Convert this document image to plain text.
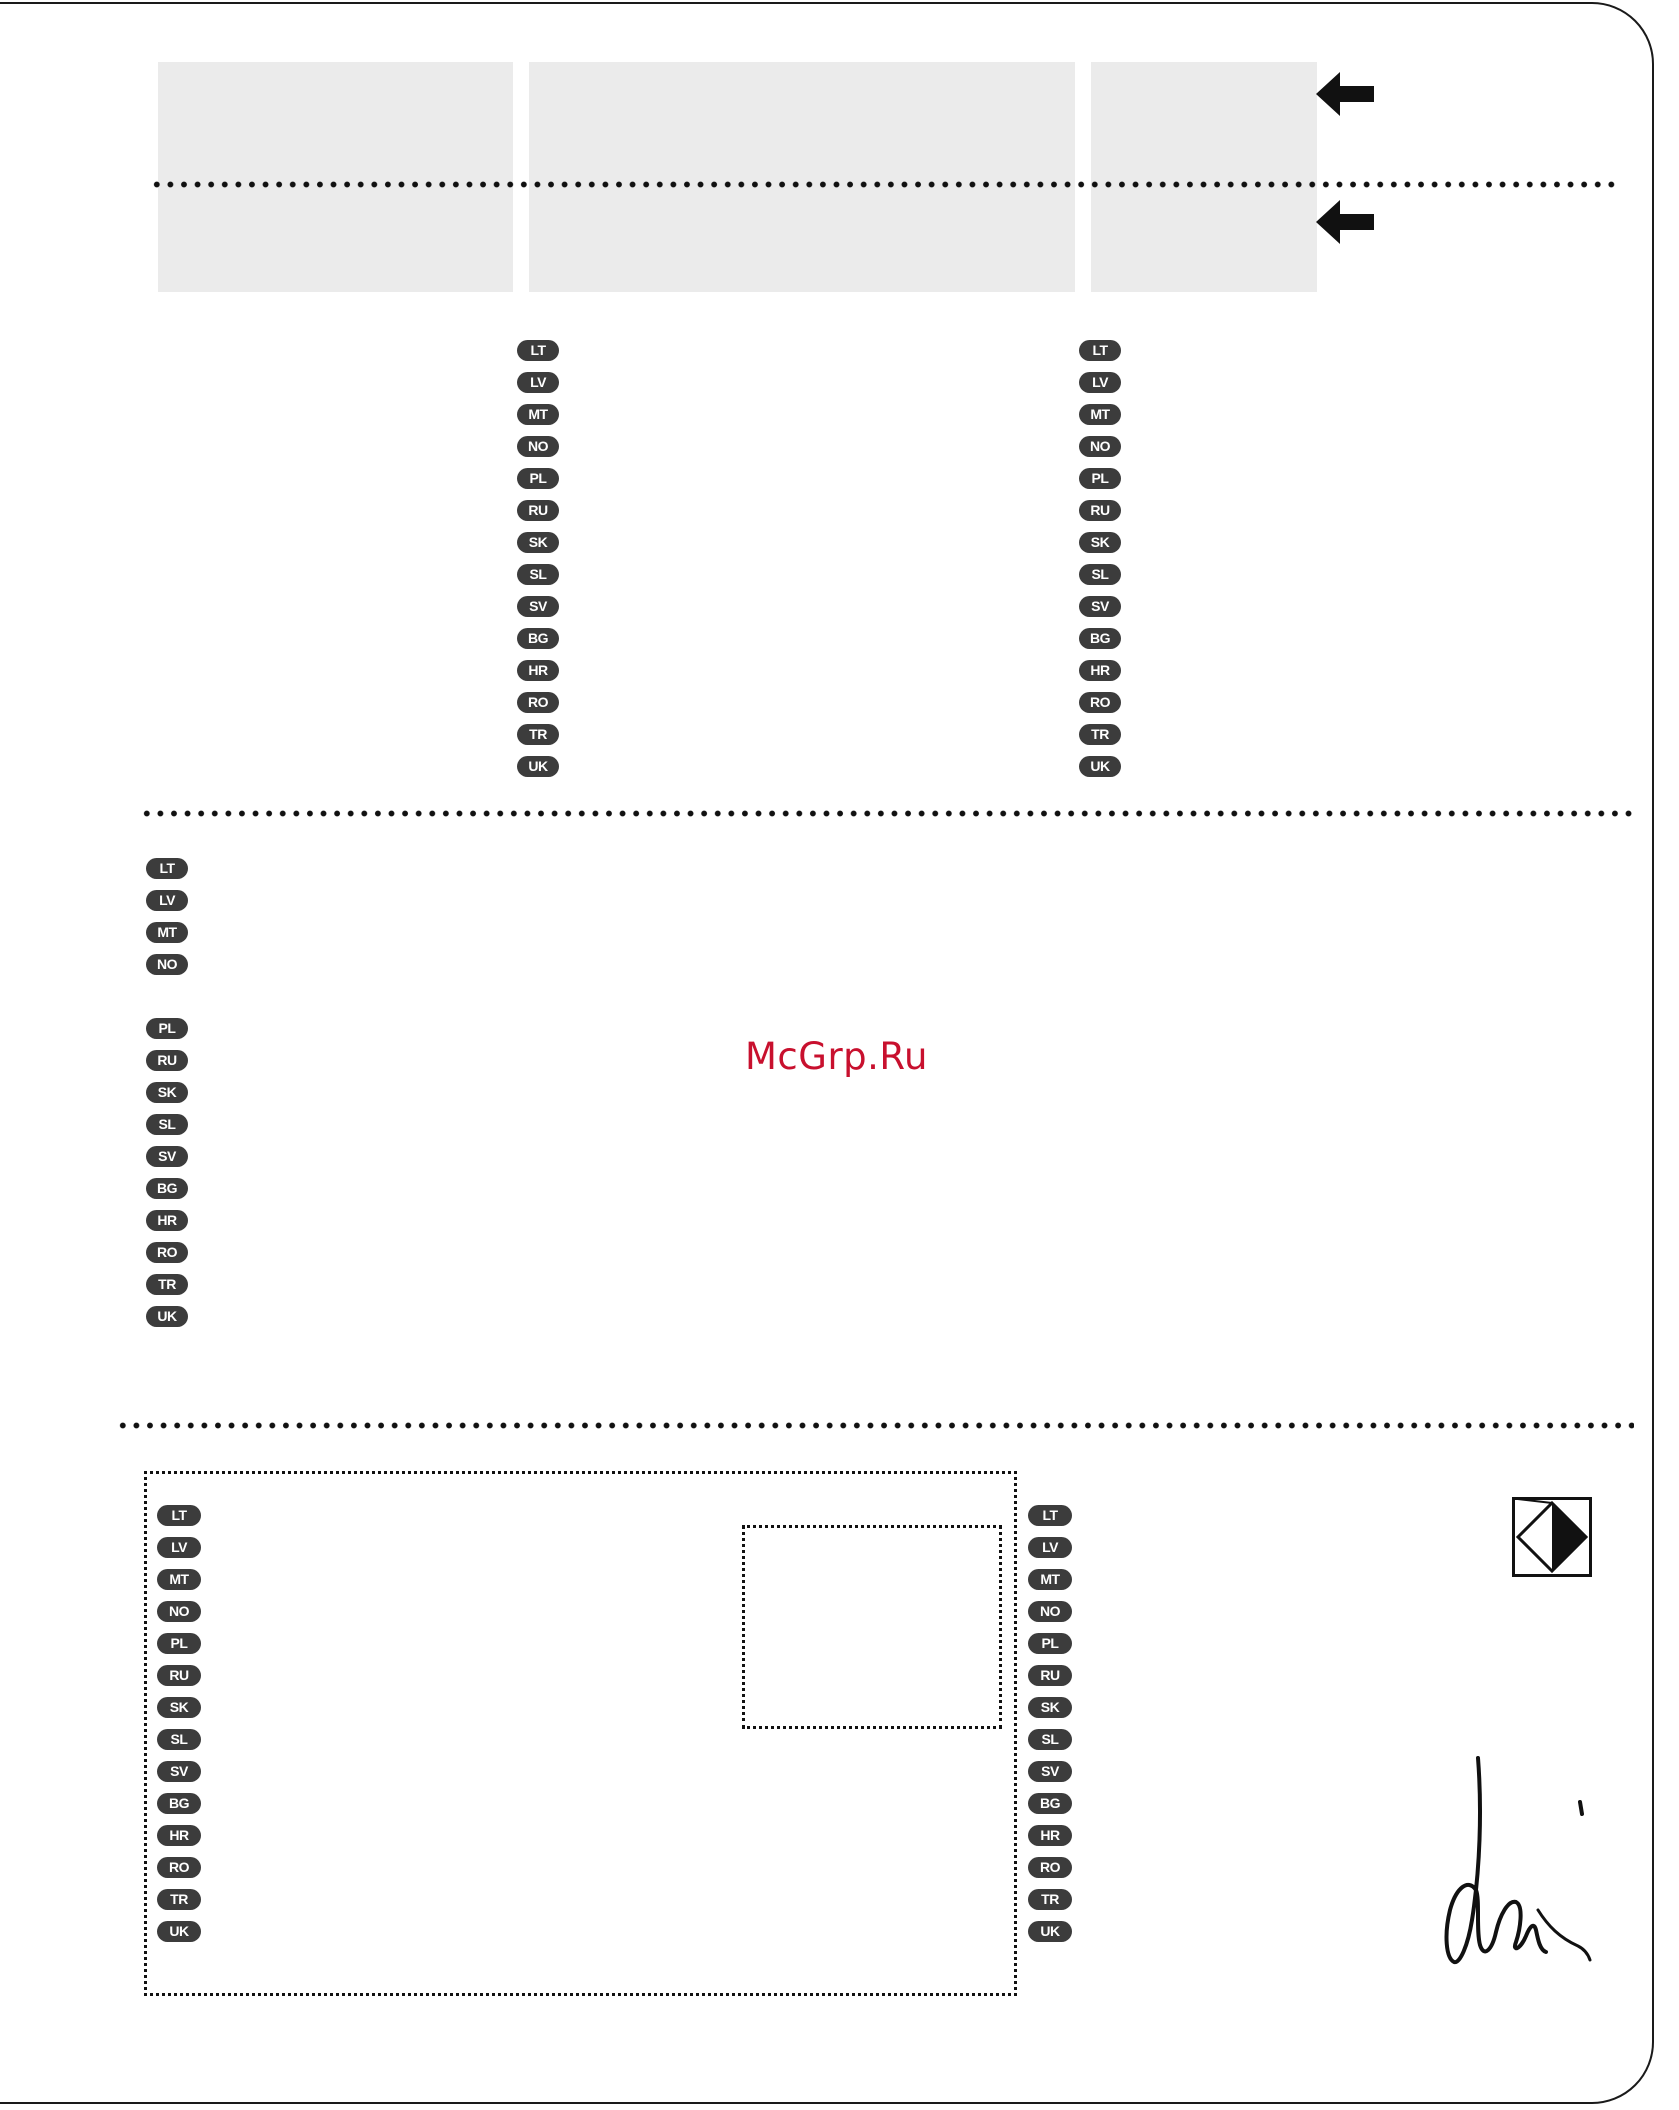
LT
LV
MT
NO
PL
RU
SK
SL
SV
BG
HR
RO
TR
UK
LT
LV
MT
NO
PL
RU
SK
SL
SV
BG
HR
RO
TR
UK
LT
LV
MT
NO
PL
RU
SK
SL
SV
BG
HR
RO
TR
UK
McGrp.Ru
LT
LV
MT
NO
PL
RU
SK
SL
SV
BG
HR
RO
TR
UK
LT
LV
MT
NO
PL
RU
SK
SL
SV
BG
HR
RO
TR
UK
